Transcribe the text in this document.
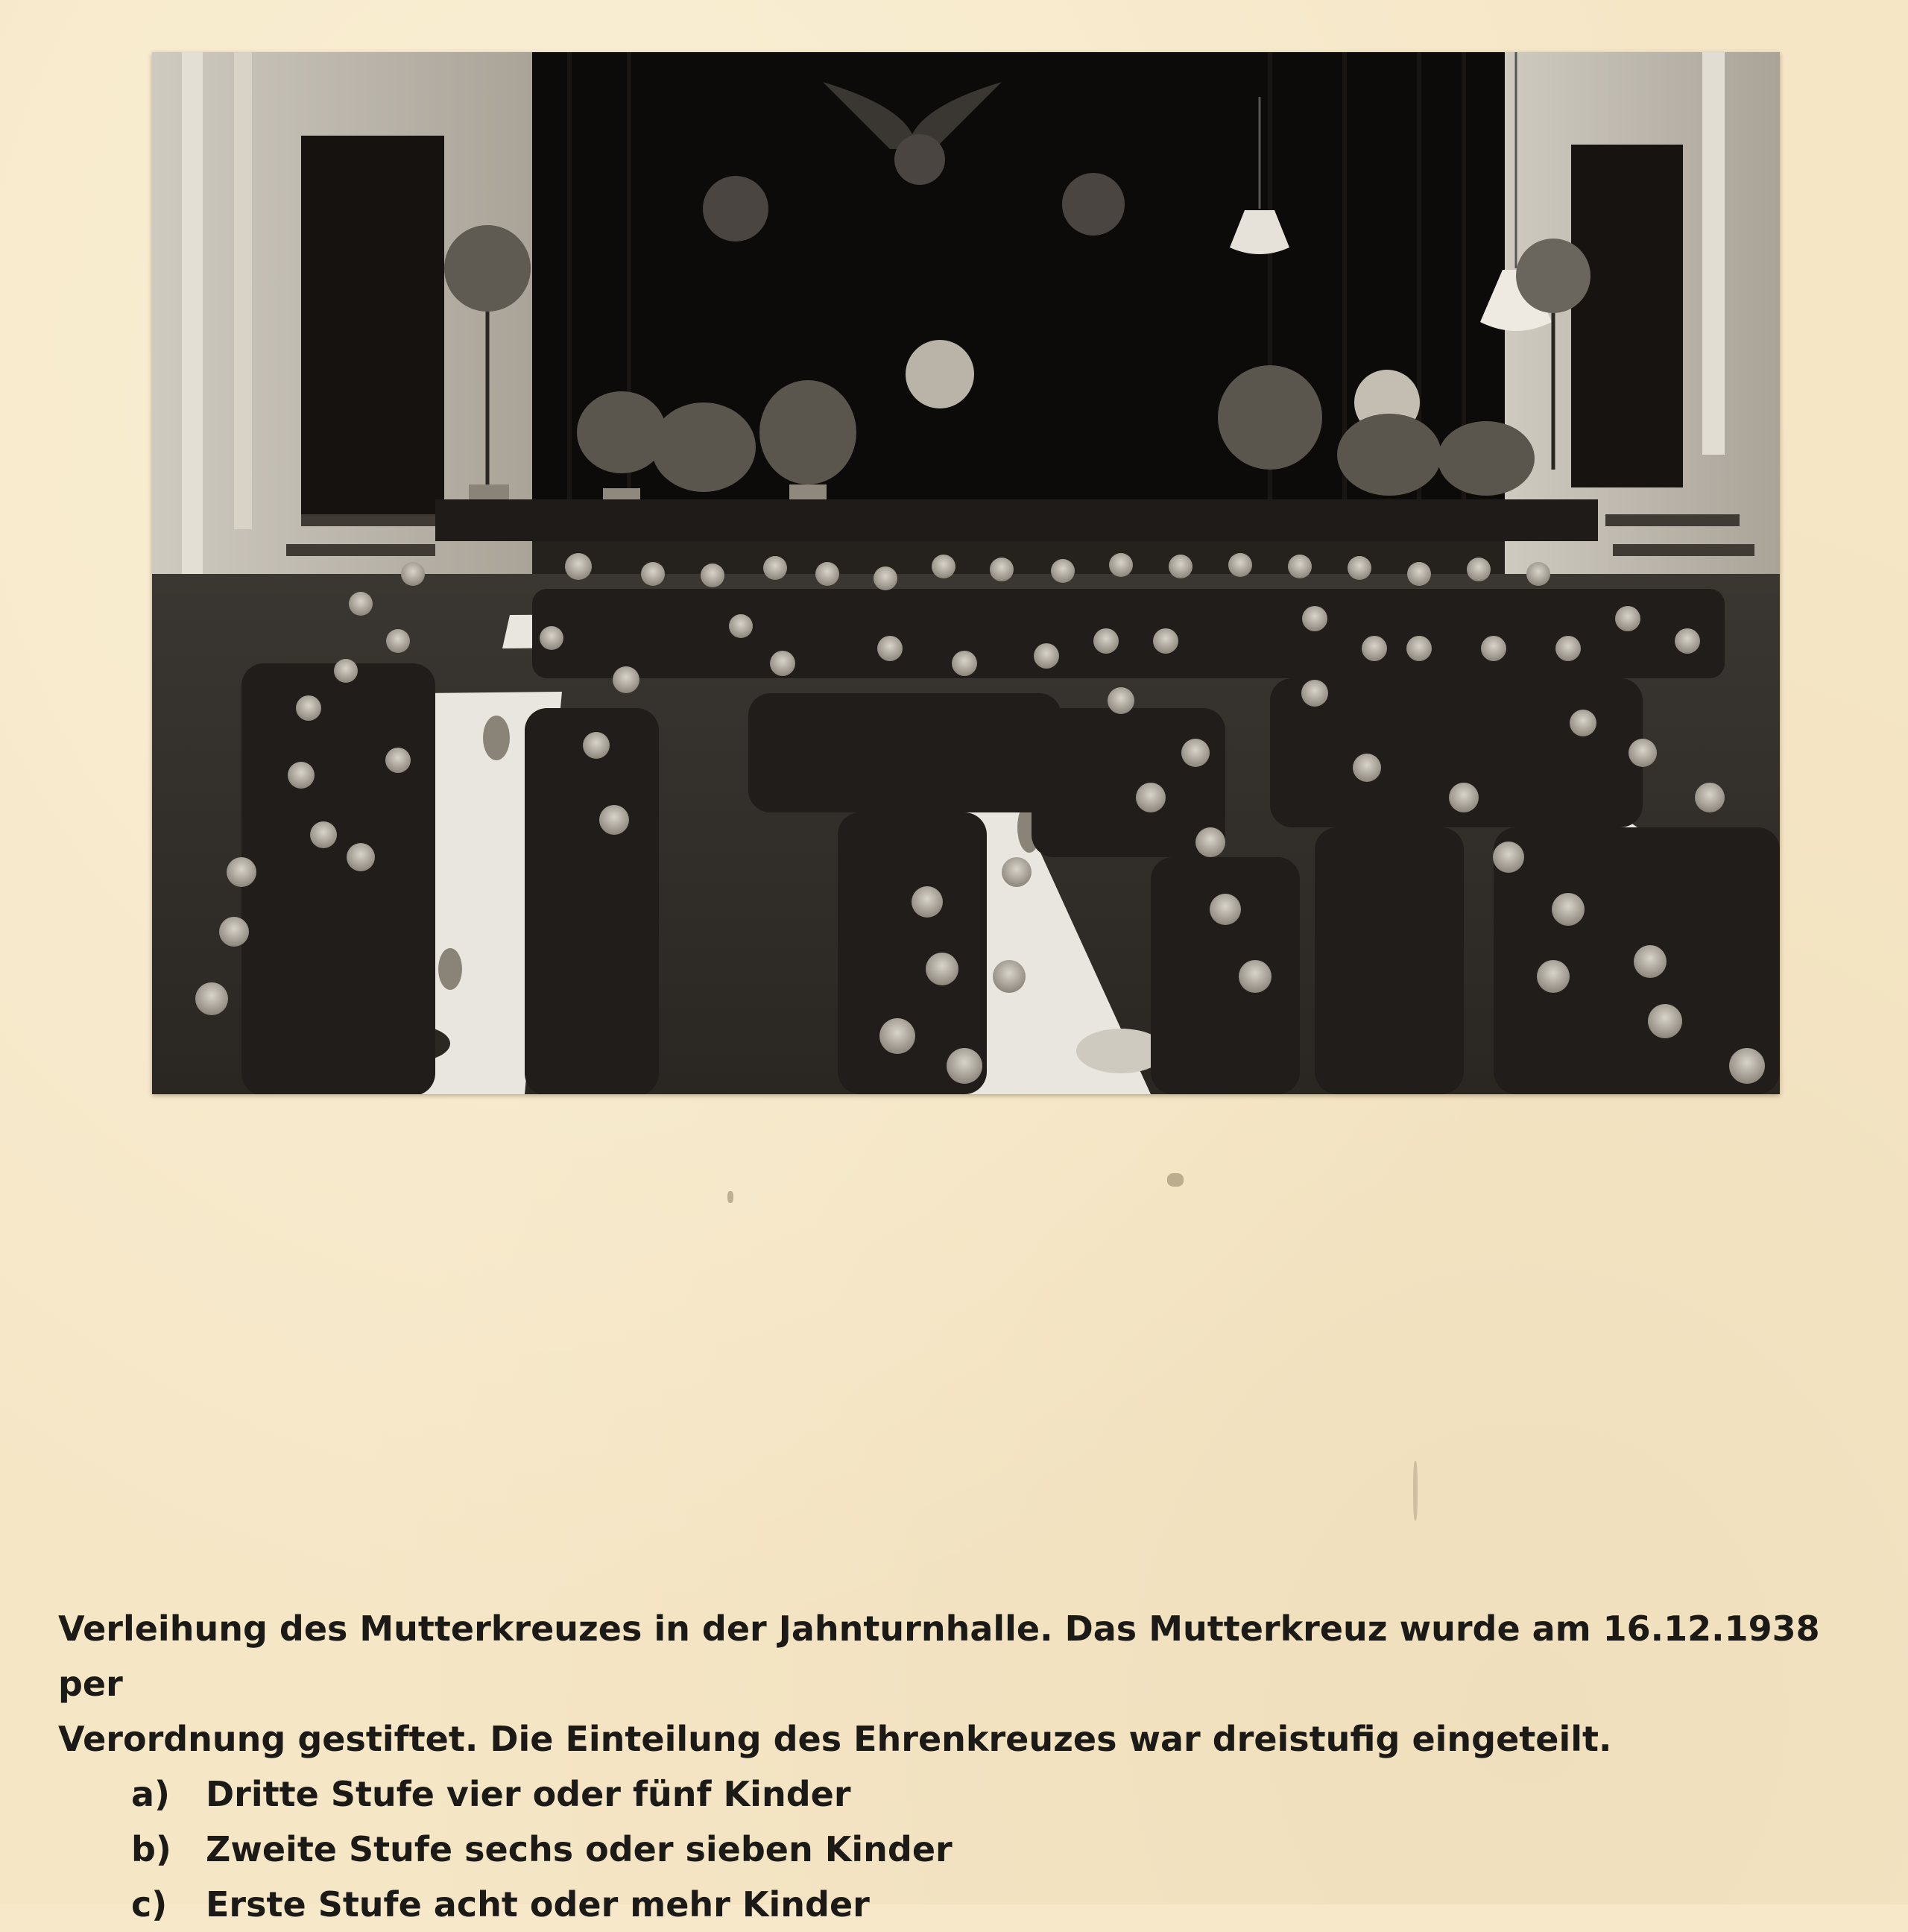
Verleihung des Mutterkreuzes in der Jahnturnhalle. Das Mutterkreuz wurde am 16.12.1938 per

Verordnung gestiftet. Die Einteilung des Ehrenkreuzes war dreistufig eingeteilt.

a)	Dritte Stufe vier oder fünf Kinder
b)	Zweite Stufe sechs oder sieben Kinder
c)	Erste Stufe acht oder mehr Kinder
